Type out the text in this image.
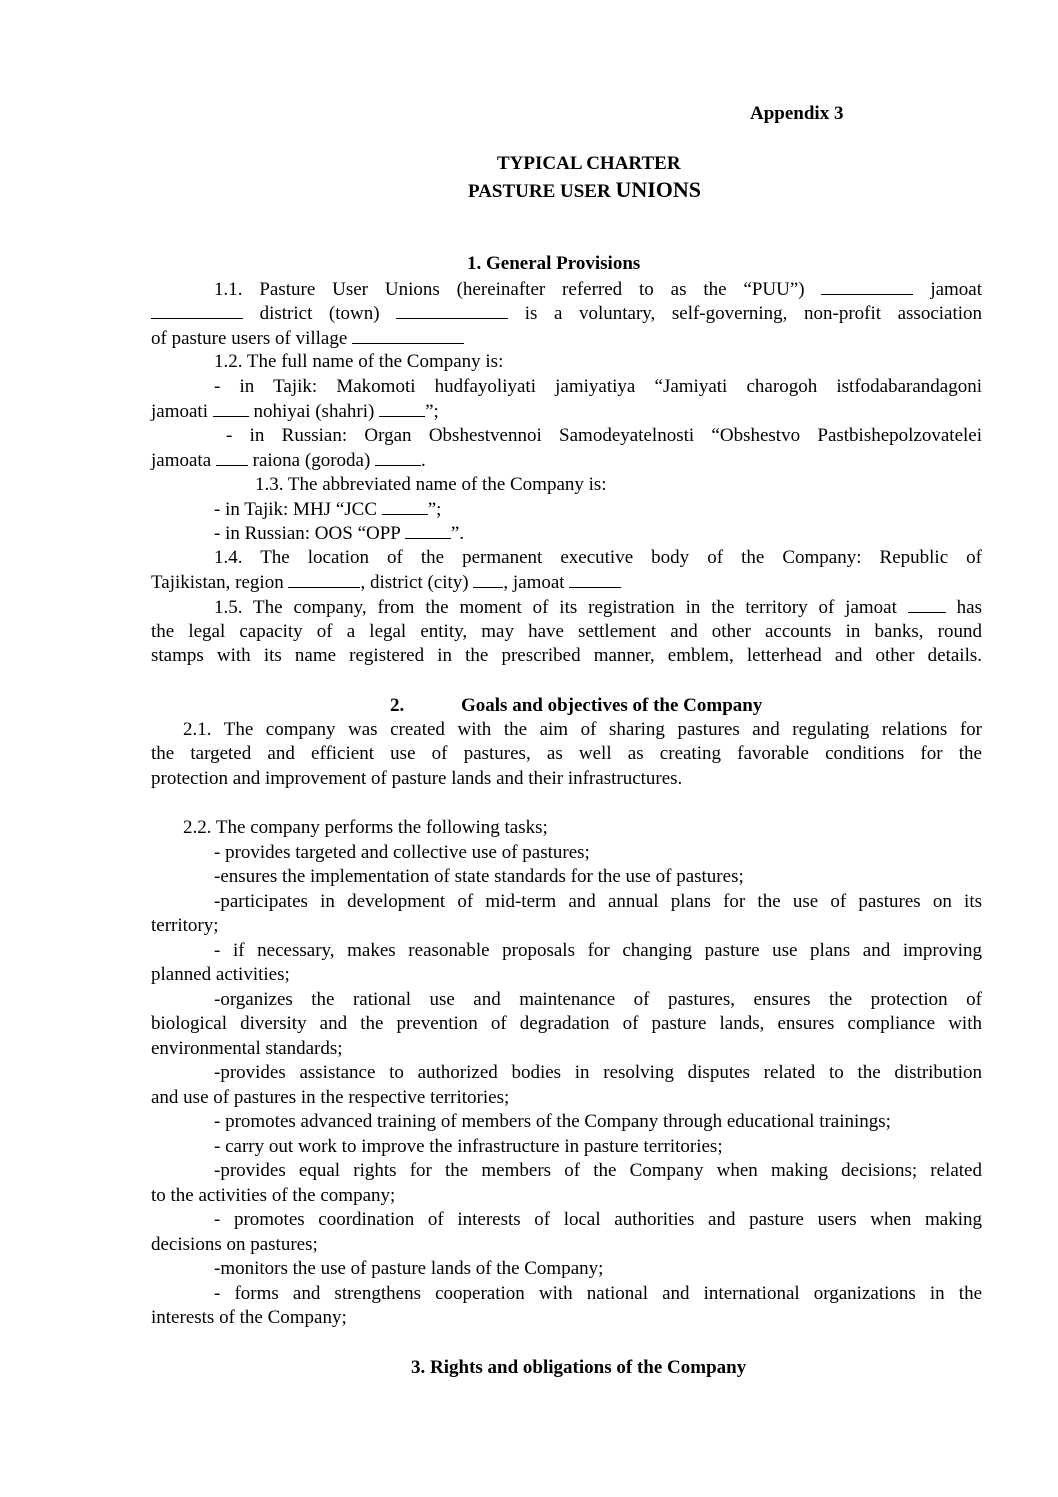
Appendix 3
TYPICAL CHARTER
PASTURE USER UNIONS
1. General Provisions
1.1. Pasture User Unions (hereinafter referred to as the “PUU”)	jamoat
district (town)	is a voluntary, self-governing, non-profit association
of pasture users of village
1.2. The full name of the Company is:
- in Tajik: Makomoti hudfayoliyati jamiyatiya “Jamiyati charogoh istfodabarandagoni
jamoati nohiyai (shahri)	”;
- in Russian: Organ Obshestvennoi Samodeyatelnosti “Obshestvo Pastbishepolzovatelei
jamoata raiona (goroda)	.
1.3. The abbreviated name of the Company is:
- in Tajik: MHJ “JCC	”;
- in Russian: OOS “OPP	”.
1.4. The location of the permanent executive body of the Company: Republic of
Tajikistan, region	, district (city) , jamoat
1.5. The company, from the moment of its registration in the territory of jamoat	has
the legal capacity of a legal entity, may have settlement and other accounts in banks, round
stamps with its name registered in the prescribed manner, emblem, letterhead and other details.
2.	Goals and objectives of the Company
2.1. The company was created with the aim of sharing pastures and regulating relations for
the targeted and efficient use of pastures, as well as creating favorable conditions for the
protection and improvement of pasture lands and their infrastructures.
2.2. The company performs the following tasks;
- provides targeted and collective use of pastures;
-ensures the implementation of state standards for the use of pastures;
-participates in development of mid-term and annual plans for the use of pastures on its
territory;
- if necessary, makes reasonable proposals for changing pasture use plans and improving
planned activities;
-organizes the rational use and maintenance of pastures, ensures the protection of
biological diversity and the prevention of degradation of pasture lands, ensures compliance with
environmental standards;
-provides assistance to authorized bodies in resolving disputes related to the distribution
and use of pastures in the respective territories;
- promotes advanced training of members of the Company through educational trainings;
- carry out work to improve the infrastructure in pasture territories;
-provides equal rights for the members of the Company when making decisions; related
to the activities of the company;
- promotes coordination of interests of local authorities and pasture users when making
decisions on pastures;
-monitors the use of pasture lands of the Company;
- forms and strengthens cooperation with national and international organizations in the
interests of the Company;
3. Rights and obligations of the Company
